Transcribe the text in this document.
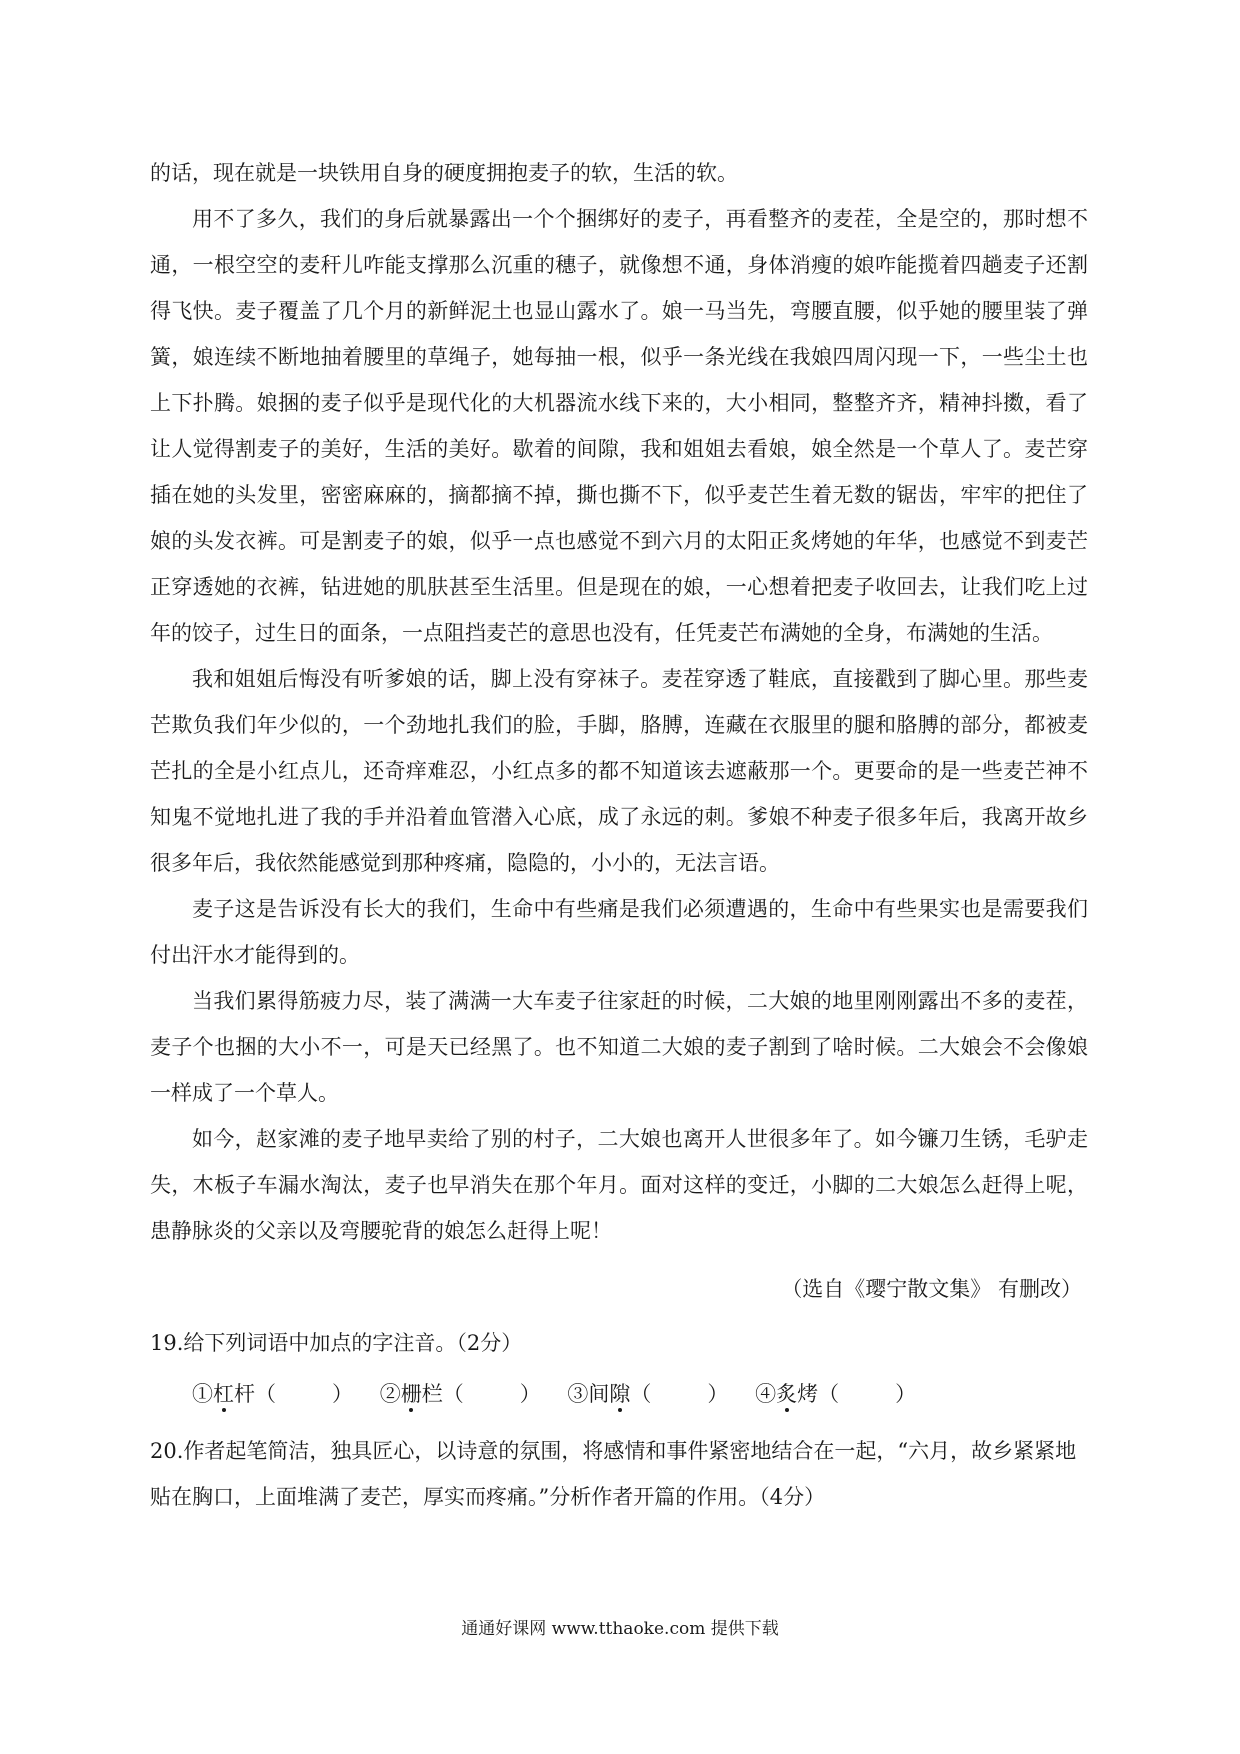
的话，现在就是一块铁用自身的硬度拥抱麦子的软，生活的软。

用不了多久，我们的身后就暴露出一个个捆绑好的麦子，再看整齐的麦茬，全是空的，那时想不通，一根空空的麦秆儿咋能支撑那么沉重的穗子，就像想不通，身体消瘦的娘咋能揽着四趟麦子还割得飞快。麦子覆盖了几个月的新鲜泥土也显山露水了。娘一马当先，弯腰直腰，似乎她的腰里装了弹簧，娘连续不断地抽着腰里的草绳子，她每抽一根，似乎一条光线在我娘四周闪现一下，一些尘土也上下扑腾。娘捆的麦子似乎是现代化的大机器流水线下来的，大小相同，整整齐齐，精神抖擞，看了让人觉得割麦子的美好，生活的美好。歇着的间隙，我和姐姐去看娘，娘全然是一个草人了。麦芒穿插在她的头发里，密密麻麻的，摘都摘不掉，撕也撕不下，似乎麦芒生着无数的锯齿，牢牢的把住了娘的头发衣裤。可是割麦子的娘，似乎一点也感觉不到六月的太阳正炙烤她的年华，也感觉不到麦芒正穿透她的衣裤，钻进她的肌肤甚至生活里。但是现在的娘，一心想着把麦子收回去，让我们吃上过年的饺子，过生日的面条，一点阻挡麦芒的意思也没有，任凭麦芒布满她的全身，布满她的生活。

我和姐姐后悔没有听爹娘的话，脚上没有穿袜子。麦茬穿透了鞋底，直接戳到了脚心里。那些麦芒欺负我们年少似的，一个劲地扎我们的脸，手脚，胳膊，连藏在衣服里的腿和胳膊的部分，都被麦芒扎的全是小红点儿，还奇痒难忍，小红点多的都不知道该去遮蔽那一个。更要命的是一些麦芒神不知鬼不觉地扎进了我的手并沿着血管潜入心底，成了永远的刺。爹娘不种麦子很多年后，我离开故乡很多年后，我依然能感觉到那种疼痛，隐隐的，小小的，无法言语。

麦子这是告诉没有长大的我们，生命中有些痛是我们必须遭遇的，生命中有些果实也是需要我们付出汗水才能得到的。

当我们累得筋疲力尽，装了满满一大车麦子往家赶的时候，二大娘的地里刚刚露出不多的麦茬，麦子个也捆的大小不一，可是天已经黑了。也不知道二大娘的麦子割到了啥时候。二大娘会不会像娘一样成了一个草人。

如今，赵家滩的麦子地早卖给了别的村子，二大娘也离开人世很多年了。如今镰刀生锈，毛驴走失，木板子车漏水淘汰，麦子也早消失在那个年月。面对这样的变迁，小脚的二大娘怎么赶得上呢，患静脉炎的父亲以及弯腰驼背的娘怎么赶得上呢！

（选自《璎宁散文集》 有删改）

19.给下列词语中加点的字注音。（2分）

①杠杆（	） ②栅栏（	） ③间隙（	） ④炙烤（	）

20.作者起笔简洁，独具匠心，以诗意的氛围，将感情和事件紧密地结合在一起，“六月，故乡紧紧地贴在胸口，上面堆满了麦芒，厚实而疼痛。”分析作者开篇的作用。（4分）

通通好课网 www.tthaoke.com 提供下载
